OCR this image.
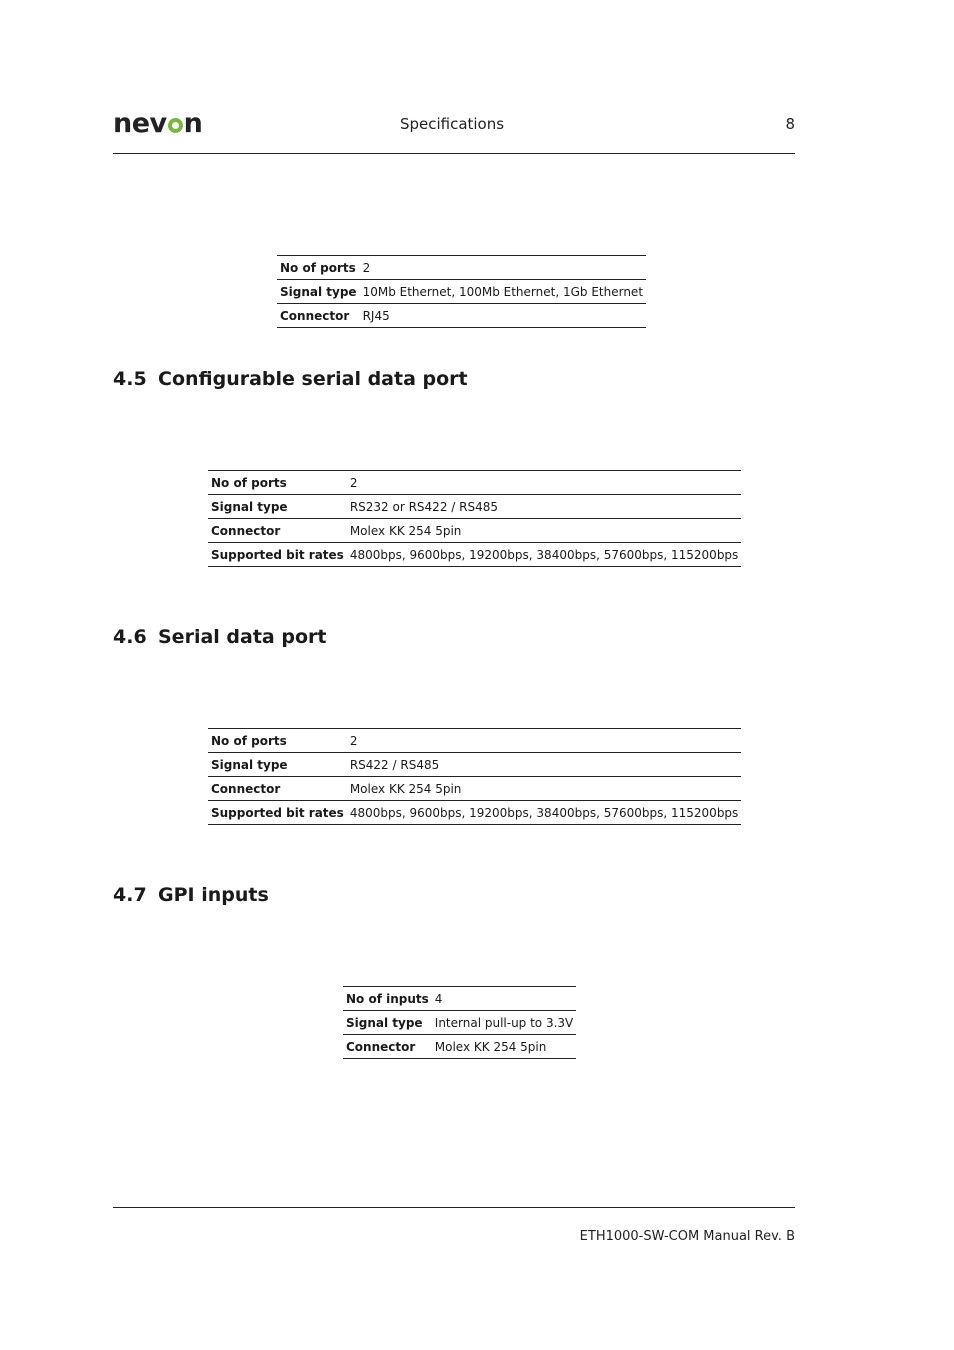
nev n	Specifications	8
No of ports	2
Signal type	10Mb Ethernet, 100Mb Ethernet, 1Gb Ethernet
Connector	RJ45
4.5 Configurable serial data port
No of ports	2
Signal type	RS232 or RS422 / RS485
Connector	Molex KK 254 5pin
Supported bit rates	4800bps, 9600bps, 19200bps, 38400bps, 57600bps, 115200bps
4.6 Serial data port
No of ports	2
Signal type	RS422 / RS485
Connector	Molex KK 254 5pin
Supported bit rates	4800bps, 9600bps, 19200bps, 38400bps, 57600bps, 115200bps
4.7 GPI inputs
No of inputs	4
Signal type	Internal pull-up to 3.3V
Connector	Molex KK 254 5pin
ETH1000-SW-COM Manual Rev. B
